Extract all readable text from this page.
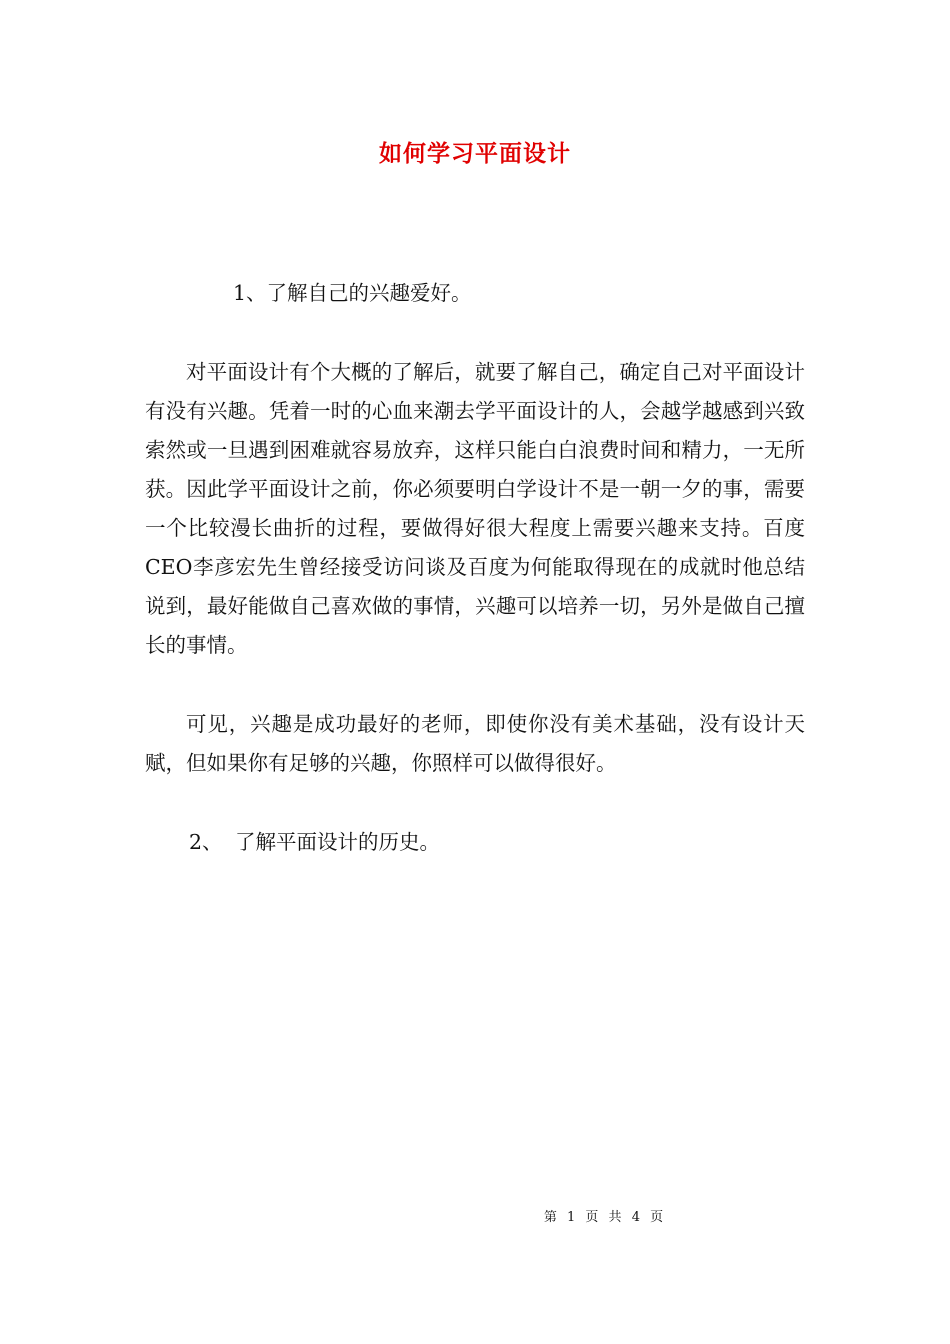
如何学习平面设计

1、了解自己的兴趣爱好。

对平面设计有个大概的了解后，就要了解自己，确定自己对平面设计有没有兴趣。凭着一时的心血来潮去学平面设计的人，会越学越感到兴致索然或一旦遇到困难就容易放弃，这样只能白白浪费时间和精力，一无所获。因此学平面设计之前，你必须要明白学设计不是一朝一夕的事，需要一个比较漫长曲折的过程，要做得好很大程度上需要兴趣来支持。百度CEO李彦宏先生曾经接受访问谈及百度为何能取得现在的成就时他总结说到，最好能做自己喜欢做的事情，兴趣可以培养一切，另外是做自己擅长的事情。

可见，兴趣是成功最好的老师，即使你没有美术基础，没有设计天赋，但如果你有足够的兴趣，你照样可以做得很好。

2、 了解平面设计的历史。

第 1 页 共 4 页
